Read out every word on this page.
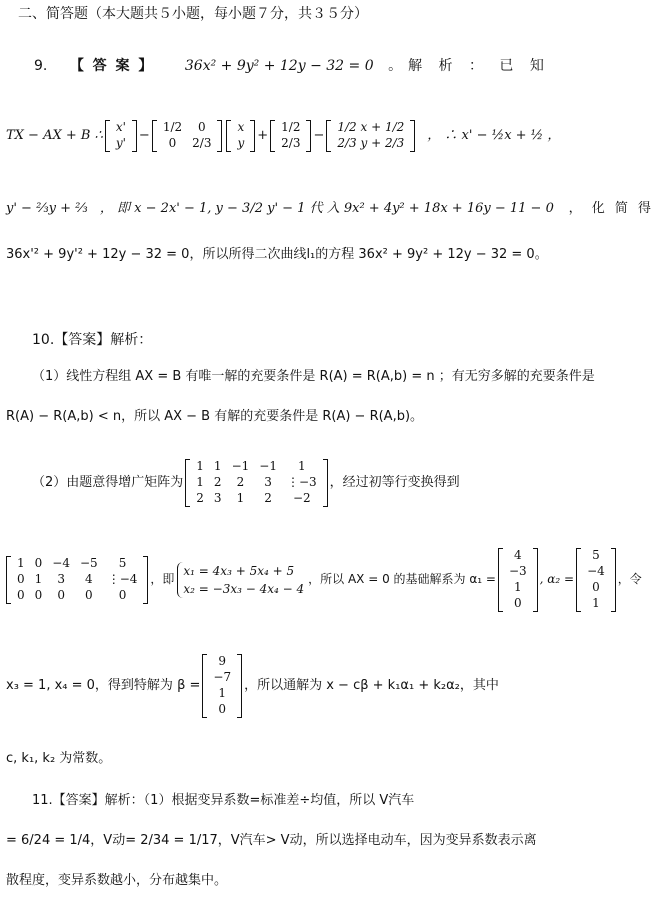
二、简答题（本大题共５小题，每小题７分，共３５分）
9. 【 答 案 】 36x² + 9y² + 12y − 32 = 0 。解 析 ： 已 知
TX − AX + B ∴
x'
y'
−
1/2	0
0	2/3
x
y
+
1/2
2/3
−
1/2 x + 1/2
2/3 y + 2/3
， ∴ x' − ½x + ½ ，
y' − ⅔y + ⅔ ， 即 x − 2x' − 1, y − 3/2 y' − 1 代 入 9x² + 4y² + 18x + 16y − 11 − 0 ， 化 简 得
36x'² + 9y'² + 12y − 32 = 0，所以所得二次曲线l₁的方程 36x² + 9y² + 12y − 32 = 0。
10.【答案】解析：
（1）线性方程组 AX = B 有唯一解的充要条件是 R(A) = R(A,b) = n ；有无穷多解的充要条件是
R(A) − R(A,b) < n，所以 AX − B 有解的充要条件是 R(A) − R(A,b)。
（2）由题意得增广矩阵为
1	1	−1	−1	1
1	2	2	3	⋮−3
2	3	1	2	−2
，经过初等行变换得到
1	0	−4	−5	5
0	1	3	4	⋮−4
0	0	0	0	0
，即
x₁ = 4x₃ + 5x₄ + 5
x₂ = −3x₃ − 4x₄ − 4
，所以 AX = 0 的基础解系为 α₁ =
4
−3
1
0
, α₂ =
5
−4
0
1
，令
x₃ = 1, x₄ = 0，得到特解为 β =
9
−7
1
0
，所以通解为 x − cβ + k₁α₁ + k₂α₂，其中
c, k₁, k₂ 为常数。
11.【答案】解析：（1）根据变异系数=标准差÷均值，所以 V汽车
= 6/24 = 1/4，V动= 2/34 = 1/17，V汽车> V动，所以选择电动车，因为变异系数表示离
散程度，变异系数越小，分布越集中。
